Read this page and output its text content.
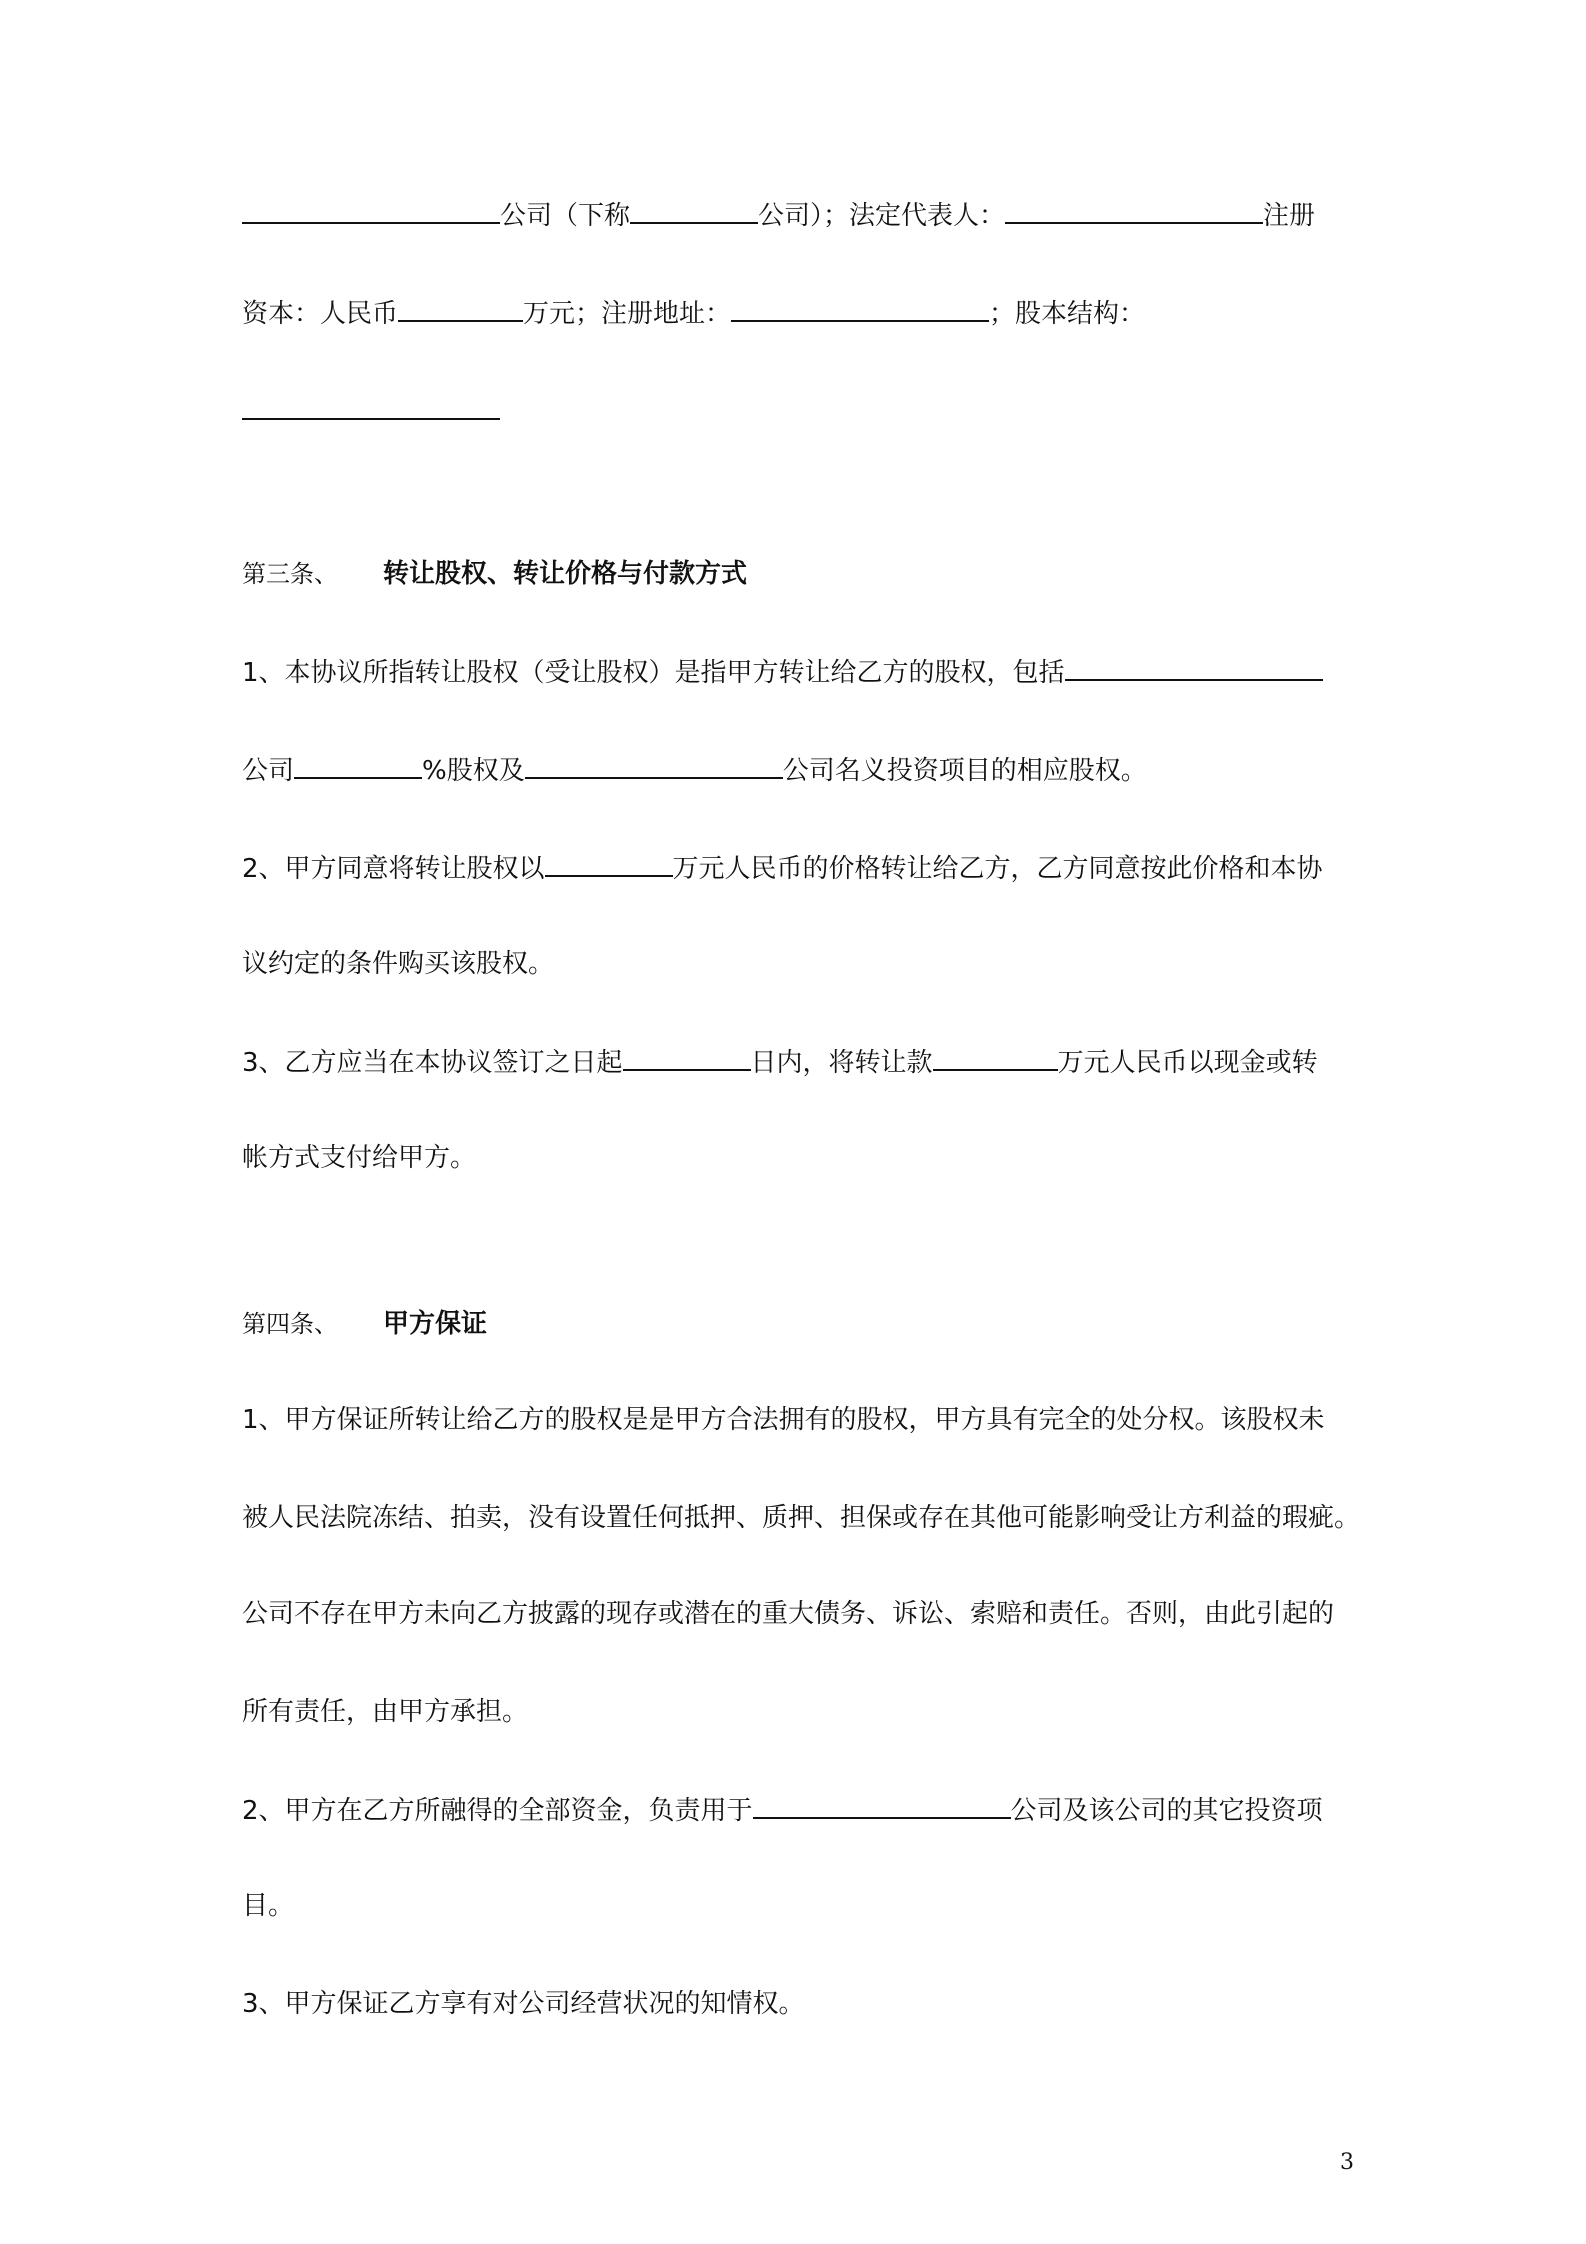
公司（下称	公司）；法定代表人：	注册
资本：人民币	万元；注册地址：	；股本结构：
第三条、 转让股权、转让价格与付款方式
1、本协议所指转让股权（受让股权）是指甲方转让给乙方的股权，包括
公司	%股权及	公司名义投资项目的相应股权。
2、甲方同意将转让股权以	万元人民币的价格转让给乙方，乙方同意按此价格和本协
议约定的条件购买该股权。
3、乙方应当在本协议签订之日起	日内，将转让款	万元人民币以现金或转
帐方式支付给甲方。
第四条、 甲方保证
1、甲方保证所转让给乙方的股权是是甲方合法拥有的股权，甲方具有完全的处分权。该股权未
被人民法院冻结、拍卖，没有设置任何抵押、质押、担保或存在其他可能影响受让方利益的瑕疵。
公司不存在甲方未向乙方披露的现存或潜在的重大债务、诉讼、索赔和责任。否则，由此引起的
所有责任，由甲方承担。
2、甲方在乙方所融得的全部资金，负责用于	公司及该公司的其它投资项
目。
3、甲方保证乙方享有对公司经营状况的知情权。
3
